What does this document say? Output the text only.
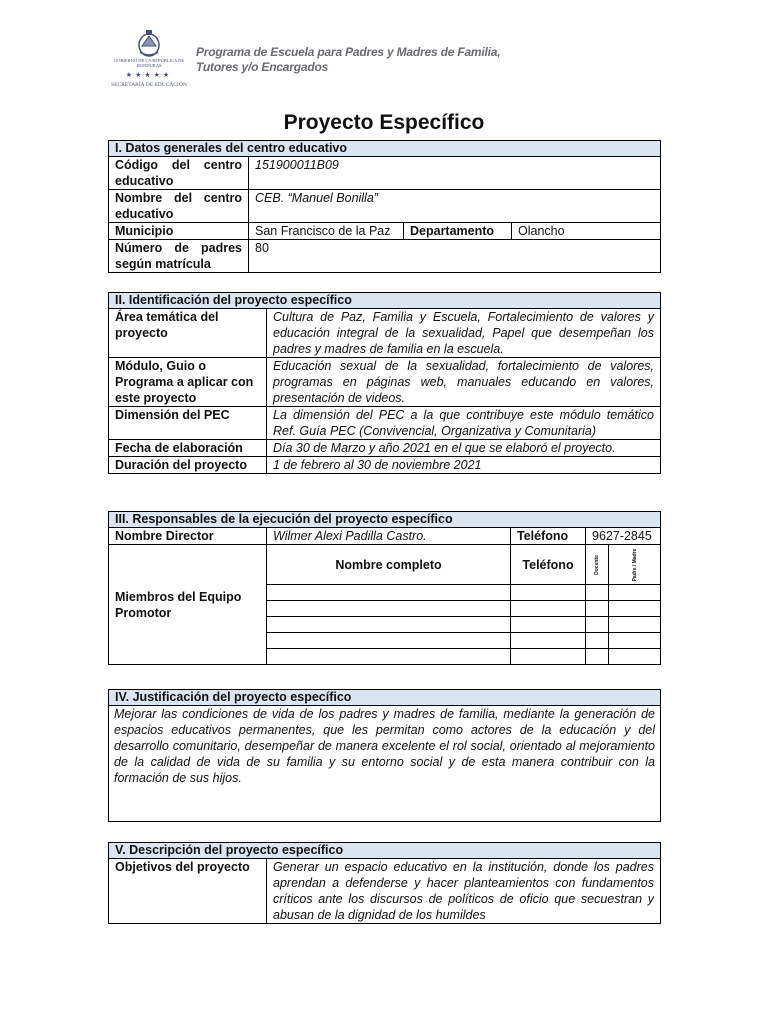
GOBIERNO DE LA REPÚBLICA DE HONDURAS
★★★★★
SECRETARÍA DE EDUCACIÓN
Programa de Escuela para Padres y Madres de Familia,
Tutores y/o Encargados
Proyecto Específico
I. Datos generales del centro educativo			
Código del centro educativo	151900011B09		
Nombre del centro educativo	CEB. “Manuel Bonilla”		
Municipio	San Francisco de la Paz	Departamento	Olancho
Número de padres según matrícula	80		
II. Identificación del proyecto específico	
Área temática del proyecto	Cultura de Paz, Familia y Escuela, Fortalecimiento de valores y educación integral de la sexualidad, Papel que desempeñan los padres y madres de familia en la escuela.
Módulo, Guio o Programa a aplicar con este proyecto	Educación sexual de la sexualidad, fortalecimiento de valores, programas en páginas web, manuales educando en valores, presentación de videos.
Dimensión del PEC	La dimensión del PEC a la que contribuye este módulo temático Ref. Guía PEC (Convivencial, Organizativa y Comunitaria)
Fecha de elaboración	Día 30 de Marzo y año 2021 en el que se elaboró el proyecto.
Duración del proyecto	1 de febrero al 30 de noviembre 2021
III. Responsables de la ejecución del proyecto específico				
Nombre Director	Wilmer Alexi Padilla Castro.	Teléfono	9627-2845	
Miembros del Equipo Promotor	Nombre completo	Teléfono	Docente	Padre / Madre

IV. Justificación del proyecto específico
Mejorar las condiciones de vida de los padres y madres de familia, mediante la generación de espacios educativos permanentes, que les permitan como actores de la educación y del desarrollo comunitario, desempeñar de manera excelente el rol social, orientado al mejoramiento de la calidad de vida de su familia y su entorno social y de esta manera contribuir con la formación de sus hijos.
V. Descripción del proyecto específico
Objetivos del proyecto	Generar un espacio educativo en la institución, donde los padres aprendan a defenderse y hacer planteamientos con fundamentos críticos ante los discursos de políticos de oficio que secuestran y abusan de la dignidad de los humildes
